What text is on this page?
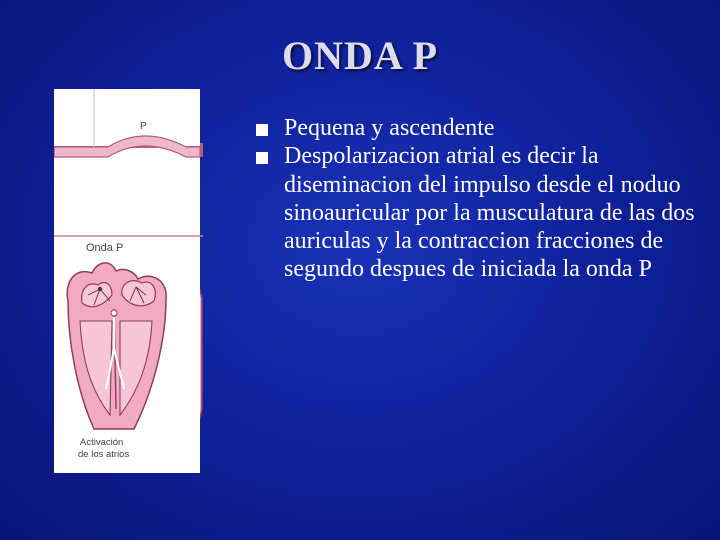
ONDA P
P
Onda P
Activación
de los atrios
Pequena y ascendente
Despolarizacion atrial es decir la diseminacion del impulso desde el noduo sinoauricular por la musculatura de las dos auriculas y la contraccion fracciones de segundo despues de iniciada la onda P
